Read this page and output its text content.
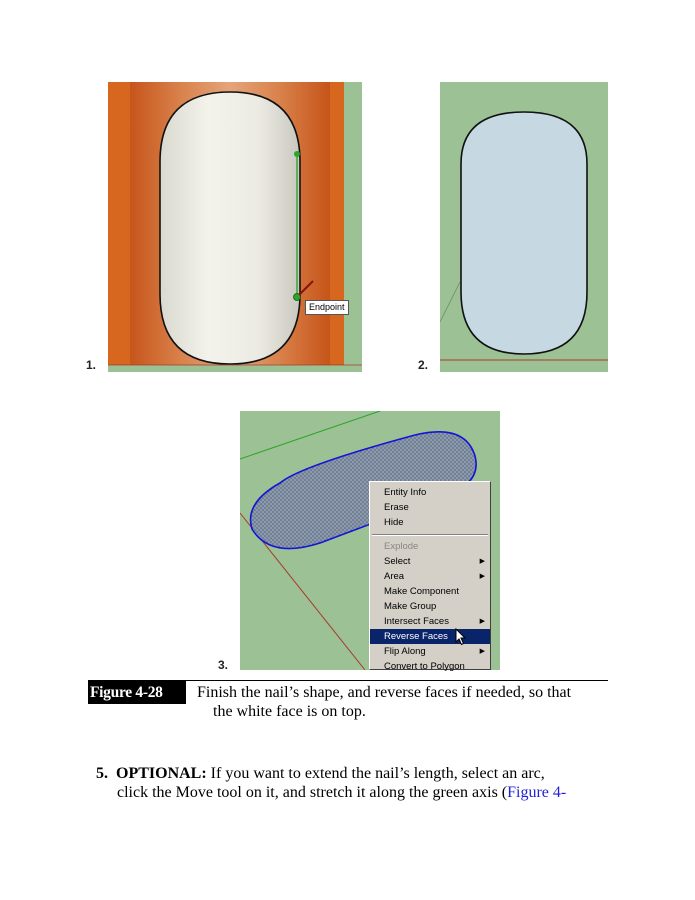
Endpoint
1.	2.
3.
Entity Info
Erase
Hide
Explode
Select	▶
Area	▶
Make Component
Make Group
Intersect Faces	▶
Reverse Faces
Flip Along	▶
Convert to Polygon
Figure 4-28	Finish the nail’s shape, and reverse faces if needed, so that
the white face is on top.
5. OPTIONAL: If you want to extend the nail’s length, select an arc,
click the Move tool on it, and stretch it along the green axis (Figure 4-
